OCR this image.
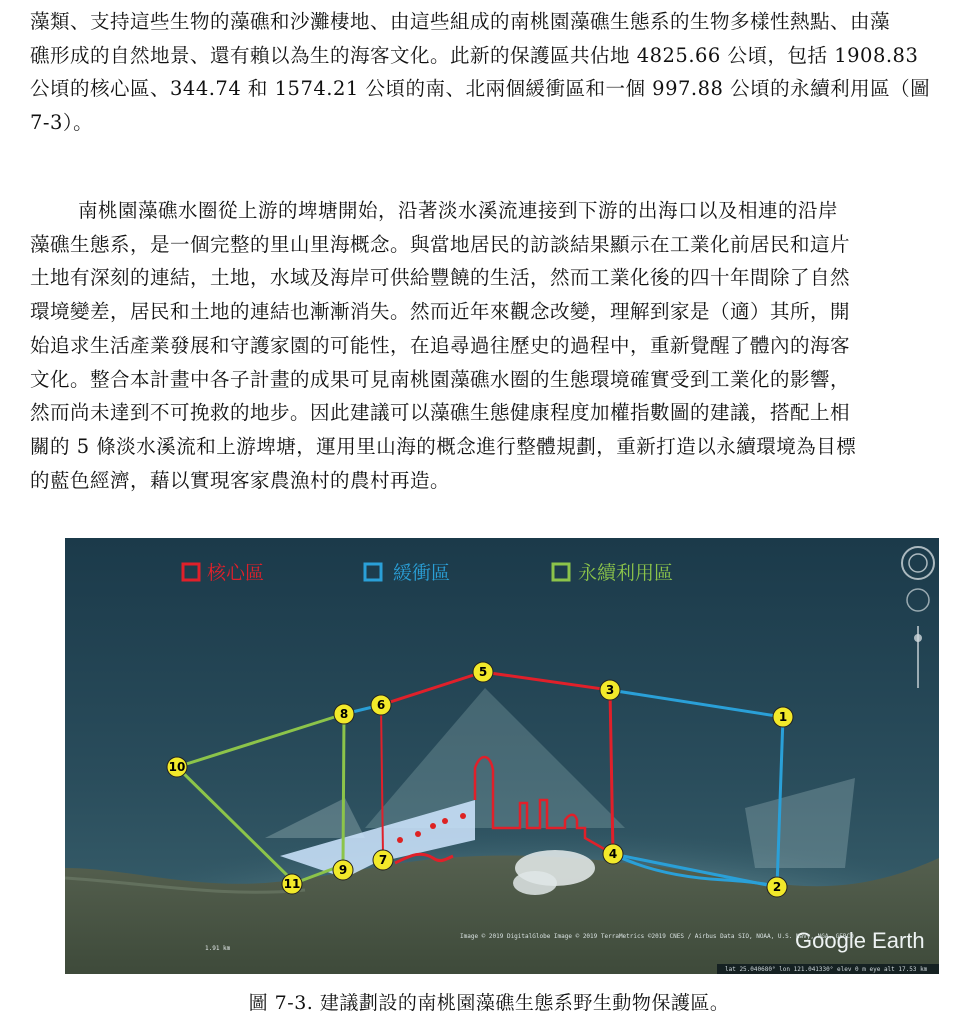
藻類、支持這些生物的藻礁和沙灘棲地、由這些組成的南桃園藻礁生態系的生物多樣性熱點、由藻
礁形成的自然地景、還有賴以為生的海客文化。此新的保護區共佔地 4825.66 公頃，包括 1908.83
公頃的核心區、344.74 和 1574.21 公頃的南、北兩個緩衝區和一個 997.88 公頃的永續利用區（圖
7-3）。
南桃園藻礁水圈從上游的埤塘開始，沿著淡水溪流連接到下游的出海口以及相連的沿岸
藻礁生態系，是一個完整的里山里海概念。與當地居民的訪談結果顯示在工業化前居民和這片
土地有深刻的連結，土地，水域及海岸可供給豐饒的生活，然而工業化後的四十年間除了自然
環境變差，居民和土地的連結也漸漸消失。然而近年來觀念改變，理解到家是（適）其所，開
始追求生活產業發展和守護家園的可能性，在追尋過往歷史的過程中，重新覺醒了體內的海客
文化。整合本計畫中各子計畫的成果可見南桃園藻礁水圈的生態環境確實受到工業化的影響，
然而尚未達到不可挽救的地步。因此建議可以藻礁生態健康程度加權指數圖的建議，搭配上相
關的 5 條淡水溪流和上游埤塘，運用里山海的概念進行整體規劃，重新打造以永續環境為目標
的藍色經濟，藉以實現客家農漁村的農村再造。
核心區	緩衝區	永續利用區
1
2
3
4
5
6
7
8
9
10
11
Google Earth
Image © 2019 DigitalGlobe Image © 2019 TerraMetrics ©2019 CNES / Airbus Data SIO, NOAA, U.S. Navy, NGA, GEBCO
1.91 km
lat 25.040680° lon 121.041330° elev 0 m eye alt 17.53 km
圖 7-3. 建議劃設的南桃園藻礁生態系野生動物保護區。
